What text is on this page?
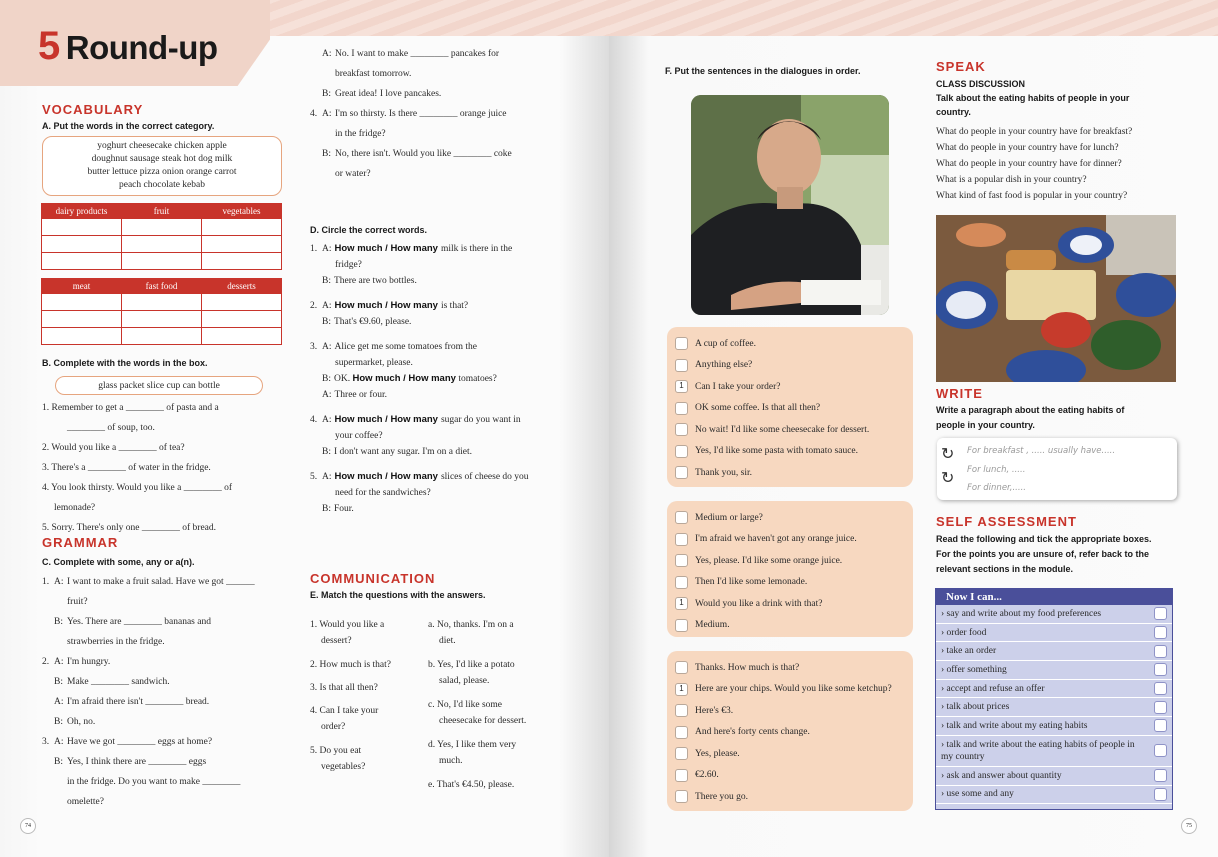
5 Round-up
VOCABULARY
A. Put the words in the correct category.
yoghurt cheesecake chicken apple
doughnut sausage steak hot dog milk
butter lettuce pizza onion orange carrot
peach chocolate kebab
dairy products	fruit	vegetables

meat	fast food	desserts

B. Complete with the words in the box.
glass packet slice cup can bottle
1. Remember to get a ________ of pasta and a
________ of soup, too.
2. Would you like a ________ of tea?
3. There's a ________ of water in the fridge.
4. You look thirsty. Would you like a ________ of
lemonade?
5. Sorry. There's only one ________ of bread.
GRAMMAR
C. Complete with some, any or a(n).
1. A: I want to make a fruit salad. Have we got ______
fruit?
B: Yes. There are ________ bananas and
strawberries in the fridge.
2. A: I'm hungry.
B: Make ________ sandwich.
A: I'm afraid there isn't ________ bread.
B: Oh, no.
3. A: Have we got ________ eggs at home?
B: Yes, I think there are ________ eggs
in the fridge. Do you want to make ________
omelette?
A: No. I want to make ________ pancakes for
breakfast tomorrow.
B: Great idea! I love pancakes.
4. A: I'm so thirsty. Is there ________ orange juice
in the fridge?
B: No, there isn't. Would you like ________ coke
or water?
D. Circle the correct words.
1. A: How much / How many milk is there in the
fridge?
B: There are two bottles.
2. A: How much / How many is that?
B: That's €9.60, please.
3. A: Alice get me some tomatoes from the
supermarket, please.
B: OK. How much / How many tomatoes?
A: Three or four.
4. A: How much / How many sugar do you want in
your coffee?
B: I don't want any sugar. I'm on a diet.
5. A: How much / How many slices of cheese do you
need for the sandwiches?
B: Four.
COMMUNICATION
E. Match the questions with the answers.
1. Would you like a
dessert?
2. How much is that?
3. Is that all then?
4. Can I take your
order?
5. Do you eat
vegetables?
a. No, thanks. I'm on a
diet.
b. Yes, I'd like a potato
salad, please.
c. No, I'd like some
cheesecake for dessert.
d. Yes, I like them very
much.
e. That's €4.50, please.
74
F. Put the sentences in the dialogues in order.
A cup of coffee.
Anything else?
1	Can I take your order?
OK some coffee. Is that all then?
No wait! I'd like some cheesecake for dessert.
Yes, I'd like some pasta with tomato sauce.
Thank you, sir.
Medium or large?
I'm afraid we haven't got any orange juice.
Yes, please. I'd like some orange juice.
Then I'd like some lemonade.
1	Would you like a drink with that?
Medium.
Thanks. How much is that?
1	Here are your chips. Would you like some ketchup?
Here's €3.
And here's forty cents change.
Yes, please.
€2.60.
There you go.
SPEAK
CLASS DISCUSSION
Talk about the eating habits of people in your
country.
What do people in your country have for breakfast?
What do people in your country have for lunch?
What do people in your country have for dinner?
What is a popular dish in your country?
What kind of fast food is popular in your country?
WRITE
Write a paragraph about the eating habits of
people in your country.
↻
↻
For breakfast , ..... usually have.....
For lunch, .....
For dinner,.....
SELF ASSESSMENT
Read the following and tick the appropriate boxes.
For the points you are unsure of, refer back to the
relevant sections in the module.
Now I can...
› say and write about my food preferences
› order food
› take an order
› offer something
› accept and refuse an offer
› talk about prices
› talk and write about my eating habits
› talk and write about the eating habits of people in my country
› ask and answer about quantity
› use some and any
75
